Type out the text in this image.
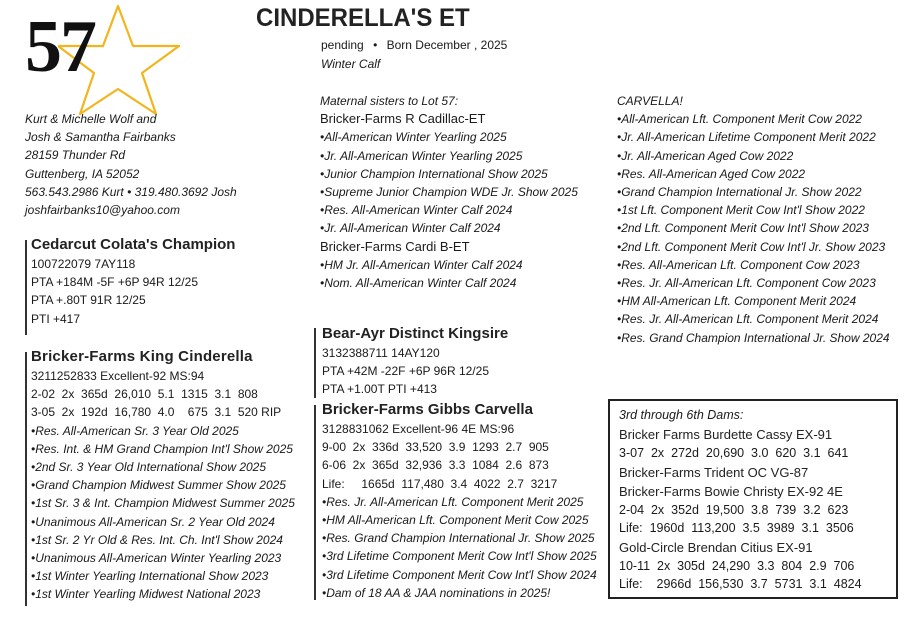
57	CINDERELLA'S ET
pending • Born December , 2025
Winter Calf
Kurt & Michelle Wolf and
Josh & Samantha Fairbanks
28159 Thunder Rd
Guttenberg, IA 52052
563.543.2986 Kurt • 319.480.3692 Josh
joshfairbanks10@yahoo.com
Cedarcut Colata's Champion
100722079 7AY118
PTA +184M -5F +6P 94R 12/25
PTA +.80T 91R 12/25
PTI +417
Bricker-Farms King Cinderella
3211252833 Excellent-92 MS:94
2-02  2x  365d  26,010  5.1  1315  3.1  808
3-05  2x  192d  16,780  4.0    675  3.1  520 RIP
•Res. All-American Sr. 3 Year Old 2025
•Res. Int. & HM Grand Champion Int'l Show 2025
•2nd Sr. 3 Year Old International Show 2025
•Grand Champion Midwest Summer Show 2025
•1st Sr. 3 & Int. Champion Midwest Summer 2025
•Unanimous All-American Sr. 2 Year Old 2024
•1st Sr. 2 Yr Old & Res. Int. Ch. Int'l Show 2024
•Unanimous All-American Winter Yearling 2023
•1st Winter Yearling International Show 2023
•1st Winter Yearling Midwest National 2023
Maternal sisters to Lot 57:
Bricker-Farms R Cadillac-ET
•All-American Winter Yearling 2025
•Jr. All-American Winter Yearling 2025
•Junior Champion International Show 2025
•Supreme Junior Champion WDE Jr. Show 2025
•Res. All-American Winter Calf 2024
•Jr. All-American Winter Calf 2024
Bricker-Farms Cardi B-ET
•HM Jr. All-American Winter Calf 2024
•Nom. All-American Winter Calf 2024
Bear-Ayr Distinct Kingsire
3132388711 14AY120
PTA +42M -22F +6P 96R 12/25
PTA +1.00T PTI +413
Bricker-Farms Gibbs Carvella
3128831062 Excellent-96 4E MS:96
9-00  2x  336d  33,520  3.9  1293  2.7  905
6-06  2x  365d  32,936  3.3  1084  2.6  873
Life:     1665d  117,480  3.4  4022  2.7  3217
•Res. Jr. All-American Lft. Component Merit 2025
•HM All-American Lft. Component Merit Cow 2025
•Res. Grand Champion International Jr. Show 2025
•3rd Lifetime Component Merit Cow Int'l Show 2025
•3rd Lifetime Component Merit Cow Int'l Show 2024
•Dam of 18 AA & JAA nominations in 2025!
CARVELLA!
•All-American Lft. Component Merit Cow 2022
•Jr. All-American Lifetime Component Merit 2022
•Jr. All-American Aged Cow 2022
•Res. All-American Aged Cow 2022
•Grand Champion International Jr. Show 2022
•1st Lft. Component Merit Cow Int'l Show 2022
•2nd Lft. Component Merit Cow Int'l Show 2023
•2nd Lft. Component Merit Cow Int'l Jr. Show 2023
•Res. All-American Lft. Component Cow 2023
•Res. Jr. All-American Lft. Component Cow 2023
•HM All-American Lft. Component Merit 2024
•Res. Jr. All-American Lft. Component Merit 2024
•Res. Grand Champion International Jr. Show 2024
3rd through 6th Dams:
Bricker Farms Burdette Cassy EX-91
3-07  2x  272d  20,690  3.0  620  3.1  641
Bricker-Farms Trident OC VG-87
Bricker-Farms Bowie Christy EX-92 4E
2-04  2x  352d  19,500  3.8  739  3.2  623
Life:  1960d  113,200  3.5  3989  3.1  3506
Gold-Circle Brendan Citius EX-91
10-11  2x  305d  24,290  3.3  804  2.9  706
Life:    2966d  156,530  3.7  5731  3.1  4824
